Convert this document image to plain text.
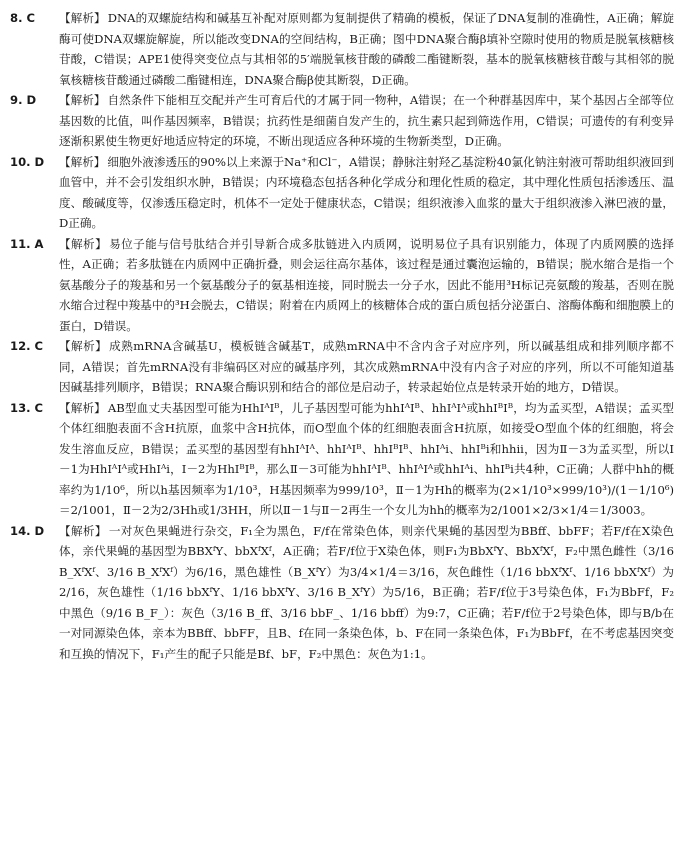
8. C	【解析】 DNA的双螺旋结构和碱基互补配对原则都为复制提供了精确的模板，保证了DNA复制的准确性，A正确；解旋酶可使DNA双螺旋解旋，所以能改变DNA的空间结构，B正确；图中DNA聚合酶β填补空隙时使用的物质是脱氧核糖核苷酸，C错误；APE1使得突变位点与其相邻的5′端脱氧核苷酸的磷酸二酯键断裂，基本的脱氧核糖核苷酸与其相邻的脱氧核糖核苷酸通过磷酸二酯键相连，DNA聚合酶β使其断裂，D正确。
9. D	【解析】 自然条件下能相互交配并产生可育后代的才属于同一物种，A错误；在一个种群基因库中，某个基因占全部等位基因数的比值，叫作基因频率，B错误；抗药性是细菌自发产生的，抗生素只起到筛选作用，C错误；可遗传的有利变异逐渐积累使生物更好地适应特定的环境，不断出现适应各种环境的生物新类型，D正确。
10. D	【解析】 细胞外液渗透压的90%以上来源于Na⁺和Cl⁻，A错误；静脉注射羟乙基淀粉40氯化钠注射液可帮助组织液回到血管中，并不会引发组织水肿，B错误；内环境稳态包括各种化学成分和理化性质的稳定，其中理化性质包括渗透压、温度、酸碱度等，仅渗透压稳定时，机体不一定处于健康状态，C错误；组织液渗入血浆的量大于组织液渗入淋巴液的量，D正确。
11. A	【解析】 易位子能与信号肽结合并引导新合成多肽链进入内质网，说明易位子具有识别能力，体现了内质网膜的选择性，A正确；若多肽链在内质网中正确折叠，则会运往高尔基体，该过程是通过囊泡运输的，B错误；脱水缩合是指一个氨基酸分子的羧基和另一个氨基酸分子的氨基相连接，同时脱去一分子水，因此不能用³H标记亮氨酸的羧基，否则在脱水缩合过程中羧基中的³H会脱去，C错误；附着在内质网上的核糖体合成的蛋白质包括分泌蛋白、溶酶体酶和细胞膜上的蛋白，D错误。
12. C	【解析】 成熟mRNA含碱基U，模板链含碱基T，成熟mRNA中不含内含子对应序列，所以碱基组成和排列顺序都不同，A错误；首先mRNA没有非编码区对应的碱基序列，其次成熟mRNA中没有内含子对应的序列，所以不可能知道基因碱基排列顺序，B错误；RNA聚合酶识别和结合的部位是启动子，转录起始位点是转录开始的地方，D错误。
13. C	【解析】 AB型血丈夫基因型可能为HhIᴬIᴮ，儿子基因型可能为hhIᴬIᴮ、hhIᴬIᴬ或hhIᴮIᴮ，均为孟买型，A错误；孟买型个体红细胞表面不含H抗原，血浆中含H抗体，而O型血个体的红细胞表面含H抗原，如接受O型血个体的红细胞，将会发生溶血反应，B错误；孟买型的基因型有hhIᴬIᴬ、hhIᴬIᴮ、hhIᴮIᴮ、hhIᴬi、hhIᴮi和hhii，因为Ⅱ－3为孟买型，所以Ⅰ－1为HhIᴬIᴬ或HhIᴬi，Ⅰ－2为HhIᴮIᴮ，那么Ⅱ－3可能为hhIᴬIᴮ、hhIᴬIᴬ或hhIᴬi、hhIᴮi共4种，C正确；人群中hh的概率约为1/10⁶，所以h基因频率为1/10³，H基因频率为999/10³，Ⅱ－1为Hh的概率为(2×1/10³×999/10³)/(1－1/10⁶)＝2/1001，Ⅱ－2为2/3Hh或1/3HH，所以Ⅱ－1与Ⅱ－2再生一个女儿为hh的概率为2/1001×2/3×1/4＝1/3003。
14. D	【解析】 一对灰色果蝇进行杂交，F₁全为黑色，F/f在常染色体，则亲代果蝇的基因型为BBff、bbFF；若F/f在X染色体，亲代果蝇的基因型为BBXᶠY、bbXᶠXᶠ，A正确；若F/f位于X染色体，则F₁为BbXᶠY、BbXᶠXᶠ，F₂中黑色雌性（3/16 B_XᶠXᶠ、3/16 B_XᶠXᶠ）为6/16，黑色雄性（B_XᶠY）为3/4×1/4＝3/16，灰色雌性（1/16 bbXᶠXᶠ、1/16 bbXᶠXᶠ）为2/16，灰色雄性（1/16 bbXᶠY、1/16 bbXᶠY、3/16 B_XᶠY）为5/16，B正确；若F/f位于3号染色体，F₁为BbFf，F₂中黑色（9/16 B_F_）：灰色（3/16 B_ff、3/16 bbF_、1/16 bbff）为9:7，C正确；若F/f位于2号染色体，即与B/b在一对同源染色体，亲本为BBff、bbFF，且B、f在同一条染色体，b、F在同一条染色体，F₁为BbFf，在不考虑基因突变和互换的情况下，F₁产生的配子只能是Bf、bF，F₂中黑色：灰色为1:1。
